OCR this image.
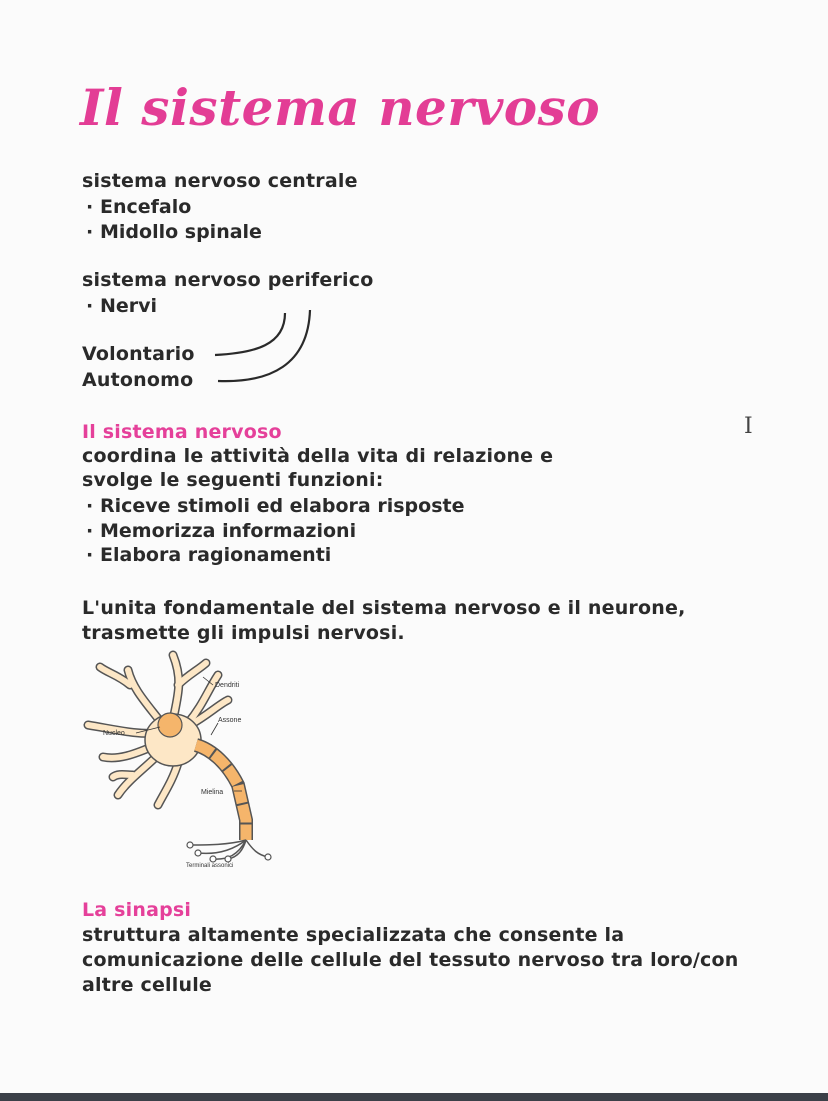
Il sistema nervoso
sistema nervoso centrale
· Encefalo
· Midollo spinale
sistema nervoso periferico
· Nervi
Volontario
Autonomo
Il sistema nervoso
coordina le attività della vita di relazione e
svolge le seguenti funzioni:
· Riceve stimoli ed elabora risposte
· Memorizza informazioni
· Elabora ragionamenti
L'unita fondamentale del sistema nervoso e il neurone,
trasmette gli impulsi nervosi.
Dendriti
Assone
Nucleo
Mielina
Terminali assonici
La sinapsi
struttura altamente specializzata che consente la
comunicazione delle cellule del tessuto nervoso tra loro/con
altre cellule
I
